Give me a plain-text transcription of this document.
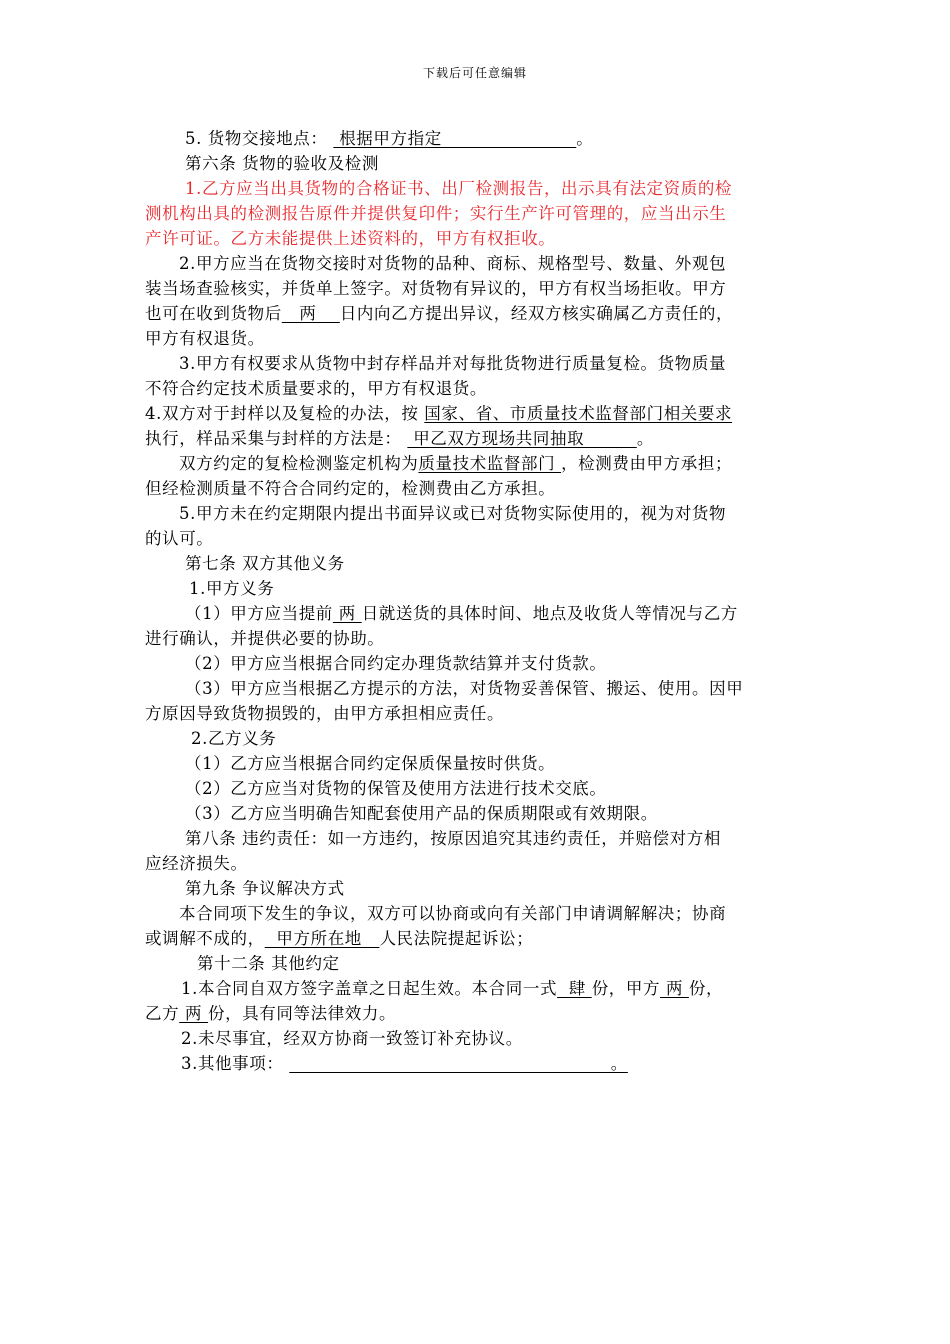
下载后可任意编辑
5. 货物交接地点：  根据甲方指定                       。
第六条 货物的验收及检测
1.乙方应当出具货物的合格证书、出厂检测报告，出示具有法定资质的检
测机构出具的检测报告原件并提供复印件；实行生产许可管理的，应当出示生
产许可证。乙方未能提供上述资料的，甲方有权拒收。
2.甲方应当在货物交接时对货物的品种、商标、规格型号、数量、外观包
装当场查验核实，并货单上签字。对货物有异议的，甲方有权当场拒收。甲方
也可在收到货物后   两    日内向乙方提出异议，经双方核实确属乙方责任的，
甲方有权退货。
3.甲方有权要求从货物中封存样品并对每批货物进行质量复检。货物质量
不符合约定技术质量要求的，甲方有权退货。
4.双方对于封样以及复检的办法，按 国家、省、市质量技术监督部门相关要求
执行，样品采集与封样的方法是：  甲乙双方现场共同抽取         。
双方约定的复检检测鉴定机构为质量技术监督部门 ，检测费由甲方承担；
但经检测质量不符合合同约定的，检测费由乙方承担。
5.甲方未在约定期限内提出书面异议或已对货物实际使用的，视为对货物
的认可。
第七条 双方其他义务
1.甲方义务
（1）甲方应当提前 两 日就送货的具体时间、地点及收货人等情况与乙方
进行确认，并提供必要的协助。
（2）甲方应当根据合同约定办理货款结算并支付货款。
（3）甲方应当根据乙方提示的方法，对货物妥善保管、搬运、使用。因甲
方原因导致货物损毁的，由甲方承担相应责任。
2.乙方义务
（1）乙方应当根据合同约定保质保量按时供货。
（2）乙方应当对货物的保管及使用方法进行技术交底。
（3）乙方应当明确告知配套使用产品的保质期限或有效期限。
第八条 违约责任：如一方违约，按原因追究其违约责任，并赔偿对方相
应经济损失。
第九条 争议解决方式
本合同项下发生的争议，双方可以协商或向有关部门申请调解解决；协商
或调解不成的，  甲方所在地   人民法院提起诉讼；
第十二条 其他约定
1.本合同自双方签字盖章之日起生效。本合同一式  肆 份，甲方 两 份，
乙方 两 份，具有同等法律效力。
2.未尽事宜，经双方协商一致签订补充协议。
3.其他事项：                                                        。
